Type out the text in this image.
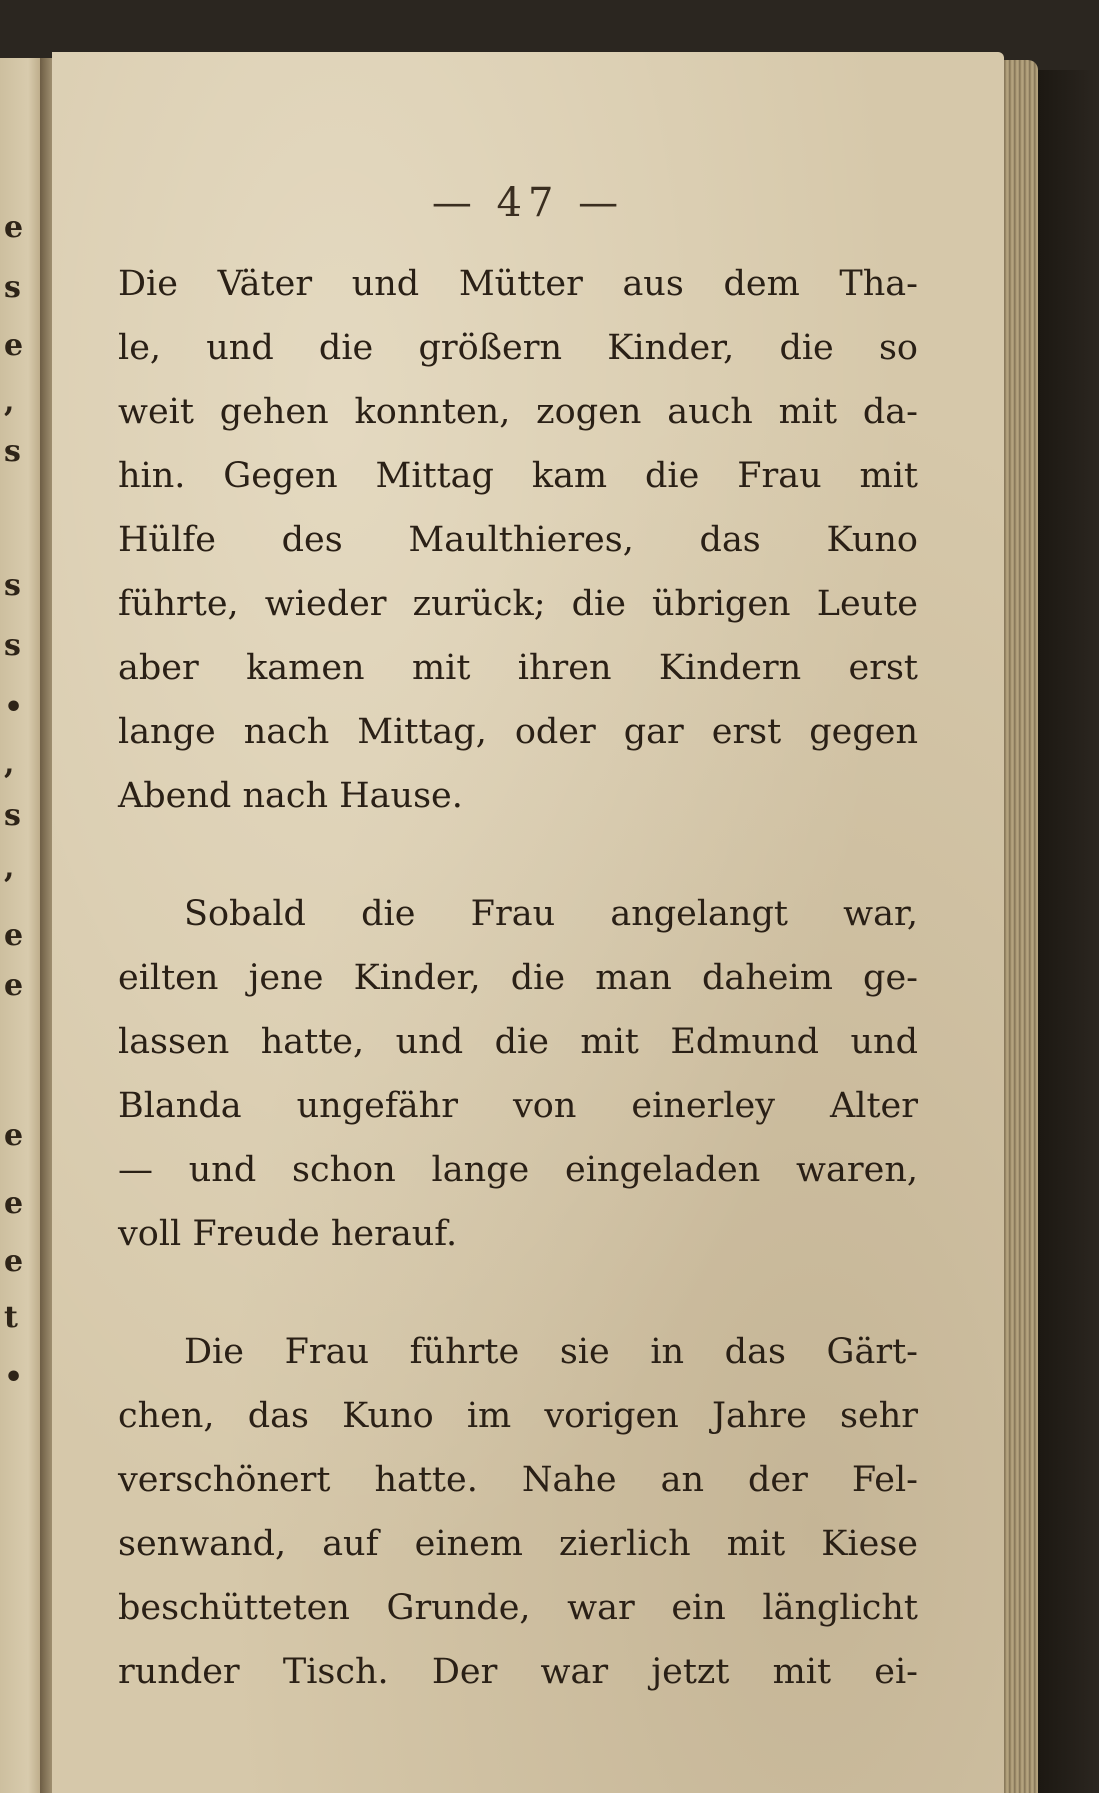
e
s
e
,
s
s
s
•
,
s
,
e
e
e
e
e
t
•
— 47 —
Die Väter und Mütter aus dem Tha-
le, und die größern Kinder, die so
weit gehen konnten, zogen auch mit da-
hin. Gegen Mittag kam die Frau mit
Hülfe des Maulthieres, das Kuno
führte, wieder zurück; die übrigen Leute
aber kamen mit ihren Kindern erst
lange nach Mittag, oder gar erst gegen
Abend nach Hause.
Sobald die Frau angelangt war,
eilten jene Kinder, die man daheim ge-
lassen hatte, und die mit Edmund und
Blanda ungefähr von einerley Alter
— und schon lange eingeladen waren,
voll Freude herauf.
Die Frau führte sie in das Gärt-
chen, das Kuno im vorigen Jahre sehr
verschönert hatte. Nahe an der Fel-
senwand, auf einem zierlich mit Kiese
beschütteten Grunde, war ein länglicht
runder Tisch. Der war jetzt mit ei-
